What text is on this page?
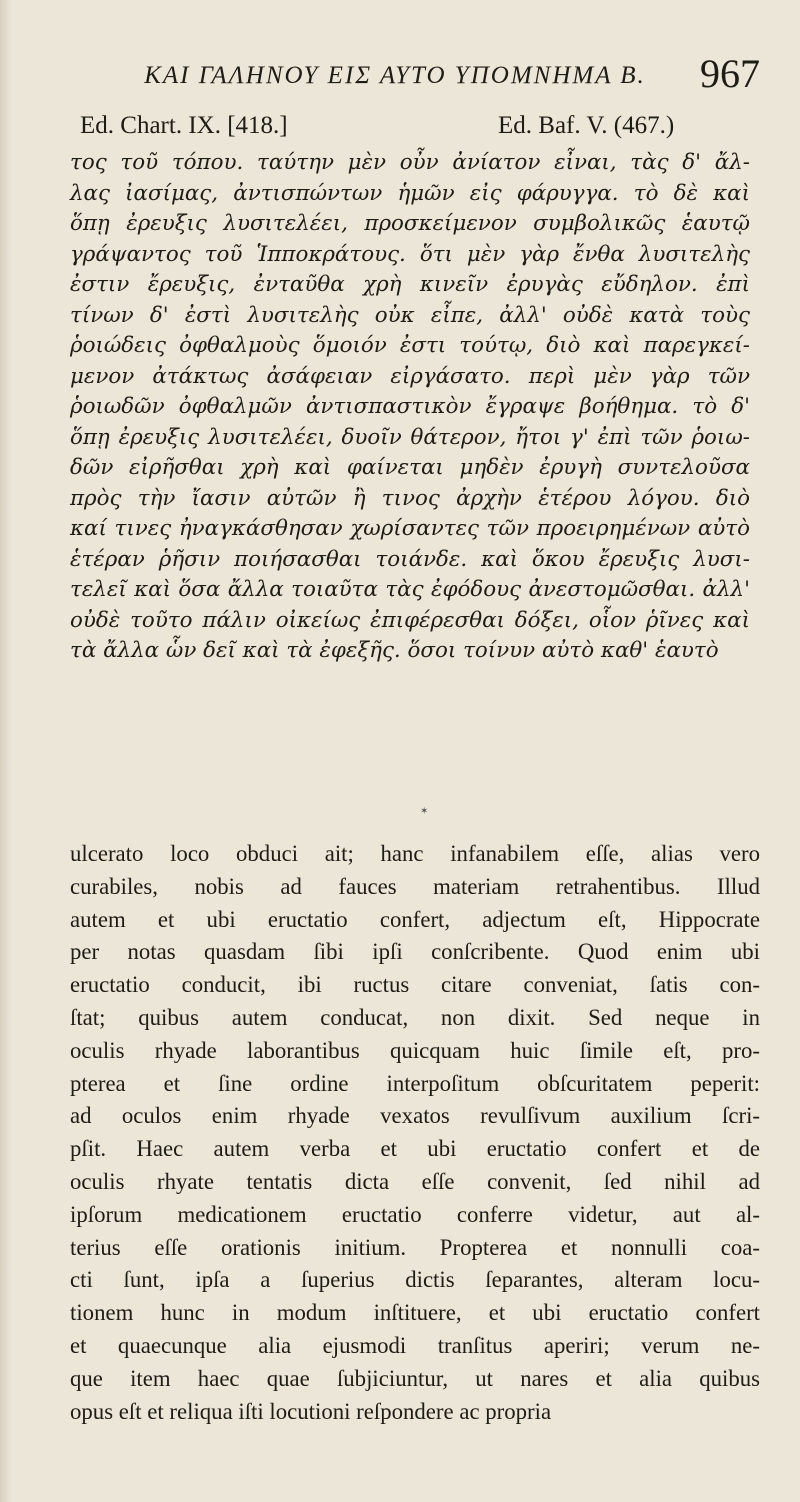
KAI ΓΑΛΗΝΟΥ ΕΙΣ ΑΥΤΟ ΥΠΟΜΝΗΜΑ Β.	967
Ed. Chart. IX. [418.]	Ed. Baf. V. (467.)
τος τοῦ τόπου. ταύτην μὲν οὖν ἀνίατον εἶναι, τὰς δ' ἄλ-
λας ἰασίμας, ἀντισπώντων ἡμῶν εἰς φάρυγγα. τὸ δὲ καὶ
ὅπῃ ἐρευξις λυσιτελέει, προσκείμενον συμβολικῶς ἑαυτῷ
γράψαντος τοῦ Ἱπποκράτους. ὅτι μὲν γὰρ ἔνθα λυσιτελὴς
ἐστιν ἔρευξις, ἐνταῦθα χρὴ κινεῖν ἐρυγὰς εὔδηλον. ἐπὶ
τίνων δ' ἐστὶ λυσιτελὴς οὐκ εἶπε, ἀλλ' οὐδὲ κατὰ τοὺς
ῥοιώδεις ὀφθαλμοὺς ὅμοιόν ἐστι τούτῳ, διὸ καὶ παρεγκεί-
μενον ἀτάκτως ἀσάφειαν εἰργάσατο. περὶ μὲν γὰρ τῶν
ῥοιωδῶν ὀφθαλμῶν ἀντισπαστικὸν ἔγραψε βοήθημα. τὸ δ'
ὅπῃ ἐρευξις λυσιτελέει, δυοῖν θάτερον, ἤτοι γ' ἐπὶ τῶν ῥοιω-
δῶν εἰρῆσθαι χρὴ καὶ φαίνεται μηδὲν ἐρυγὴ συντελοῦσα
πρὸς τὴν ἴασιν αὐτῶν ἢ τινος ἀρχὴν ἑτέρου λόγου. διὸ
καί τινες ἠναγκάσθησαν χωρίσαντες τῶν προειρημένων αὐτὸ
ἑτέραν ῥῆσιν ποιήσασθαι τοιάνδε. καὶ ὅκου ἔρευξις λυσι-
τελεῖ καὶ ὅσα ἄλλα τοιαῦτα τὰς ἐφόδους ἀνεστομῶσθαι. ἀλλ'
οὐδὲ τοῦτο πάλιν οἰκείως ἐπιφέρεσθαι δόξει, οἷον ῥῖνες καὶ
τὰ ἄλλα ὧν δεῖ καὶ τὰ ἐφεξῆς. ὅσοι τοίνυν αὐτὸ καθ' ἑαυτὸ
✶
ulcerato loco obduci ait; hanc infanabilem eſſe, alias vero
curabiles, nobis ad fauces materiam retrahentibus. Illud
autem et ubi eructatio confert, adjectum eſt, Hippocrate
per notas quasdam ſibi ipſi conſcribente. Quod enim ubi
eructatio conducit, ibi ructus citare conveniat, ſatis con-
ſtat; quibus autem conducat, non dixit. Sed neque in
oculis rhyade laborantibus quicquam huic ſimile eſt, pro-
pterea et ſine ordine interpoſitum obſcuritatem peperit:
ad oculos enim rhyade vexatos revulſivum auxilium ſcri-
pſit. Haec autem verba et ubi eructatio confert et de
oculis rhyate tentatis dicta eſſe convenit, ſed nihil ad
ipſorum medicationem eructatio conferre videtur, aut al-
terius eſſe orationis initium. Propterea et nonnulli coa-
cti ſunt, ipſa a ſuperius dictis ſeparantes, alteram locu-
tionem hunc in modum inſtituere, et ubi eructatio confert
et quaecunque alia ejusmodi tranſitus aperiri; verum ne-
que item haec quae ſubjiciuntur, ut nares et alia quibus
opus eſt et reliqua iſti locutioni reſpondere ac propria
